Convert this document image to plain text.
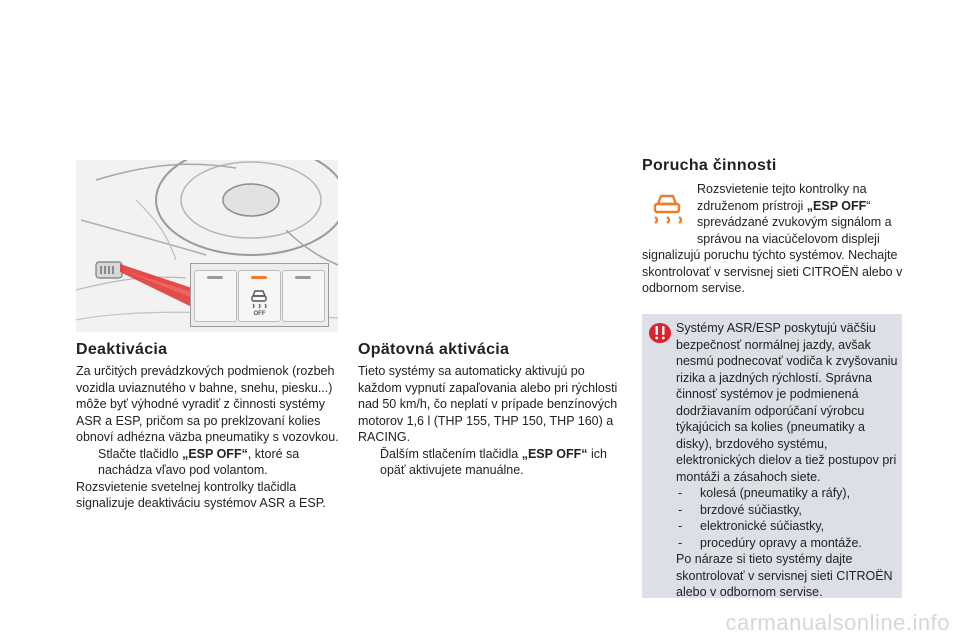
OFF
Deaktivácia
Za určitých prevádzkových podmienok (rozbeh vozidla uviaznutého v bahne, snehu, piesku...) môže byť výhodné vyradiť z činnosti systémy ASR a ESP, pričom sa po preklzovaní kolies obnoví adhézna väzba pneumatiky s vozovkou.
Stlačte tlačidlo „ESP OFF“, ktoré sa nachádza vľavo pod volantom.
Rozsvietenie svetelnej kontrolky tlačidla signalizuje deaktiváciu systémov ASR a ESP.
Opätovná aktivácia
Tieto systémy sa automaticky aktivujú po každom vypnutí zapaľovania alebo pri rýchlosti nad 50 km/h, čo neplatí v prípade benzínových motorov 1,6 l (THP 155, THP 150, THP 160) a RACING.
Ďalším stlačením tlačidla „ESP OFF“ ich opäť aktivujete manuálne.
Porucha činnosti
Rozsvietenie tejto kontrolky na združenom prístroji „ESP OFF“ sprevádzané zvukovým signálom a správou na viacúčelovom displeji
signalizujú poruchu týchto systémov. Nechajte skontrolovať v servisnej sieti CITROËN alebo v odbornom servise.
Systémy ASR/ESP poskytujú väčšiu bezpečnosť normálnej jazdy, avšak nesmú podnecovať vodiča k zvyšovaniu rizika a jazdných rýchlostí. Správna činnosť systémov je podmienená dodržiavaním odporúčaní výrobcu týkajúcich sa kolies (pneumatiky a disky), brzdového systému, elektronických dielov a tiež postupov pri montáži a zásahoch siete.
- kolesá (pneumatiky a ráfy),
- brzdové súčiastky,
- elektronické súčiastky,
- procedúry opravy a montáže.
Po náraze si tieto systémy dajte skontrolovať v servisnej sieti CITROËN alebo v odbornom servise.
carmanualsonline.info
